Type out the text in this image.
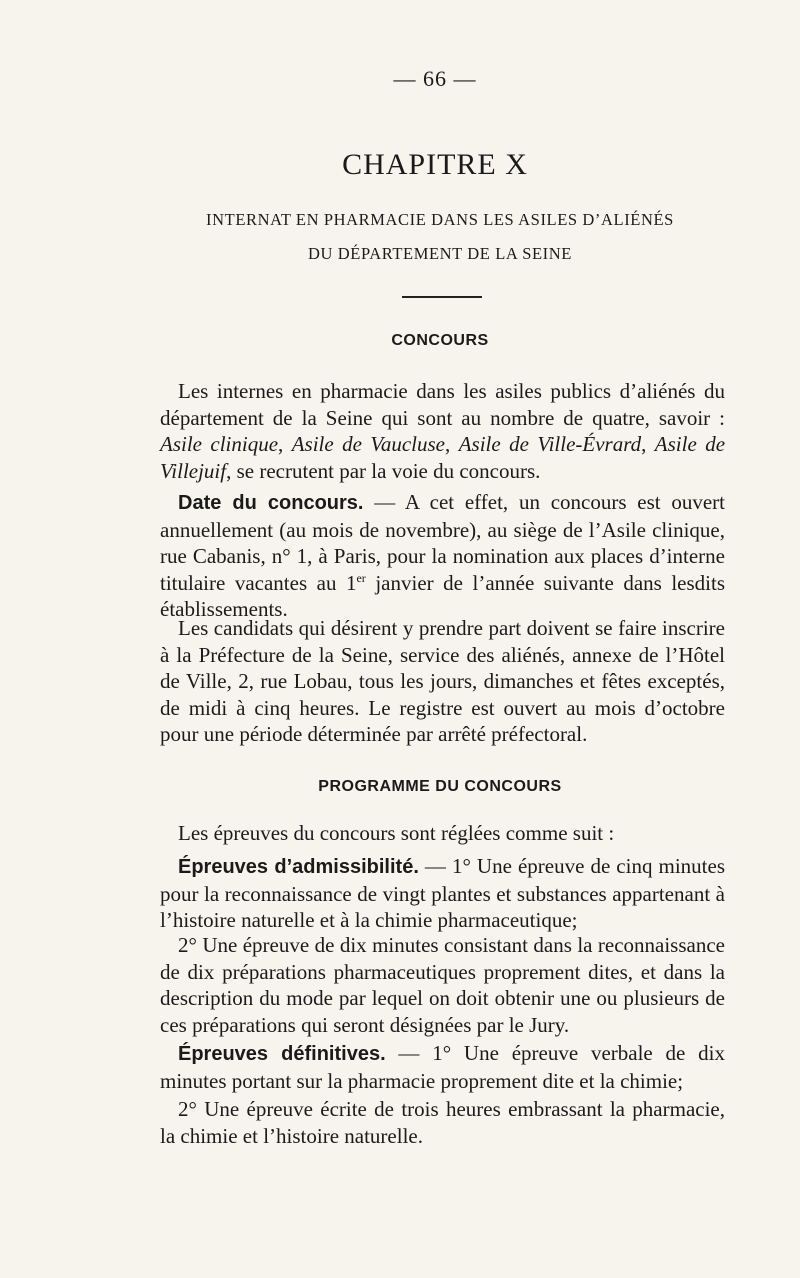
— 66 —
CHAPITRE X
INTERNAT EN PHARMACIE DANS LES ASILES D’ALIÉNÉS
DU DÉPARTEMENT DE LA SEINE
CONCOURS

Les internes en pharmacie dans les asiles publics d’aliénés du département de la Seine qui sont au nombre de quatre, savoir : Asile clinique, Asile de Vaucluse, Asile de Ville-Évrard, Asile de Villejuif, se recrutent par la voie du concours.

Date du concours. — A cet effet, un concours est ouvert annuellement (au mois de novembre), au siège de l’Asile clinique, rue Cabanis, n° 1, à Paris, pour la nomination aux places d’interne titulaire vacantes au 1er janvier de l’année suivante dans lesdits établissements.

Les candidats qui désirent y prendre part doivent se faire inscrire à la Préfecture de la Seine, service des aliénés, annexe de l’Hôtel de Ville, 2, rue Lobau, tous les jours, dimanches et fêtes exceptés, de midi à cinq heures. Le registre est ouvert au mois d’octobre pour une période déterminée par arrêté préfectoral.

PROGRAMME DU CONCOURS

Les épreuves du concours sont réglées comme suit :

Épreuves d’admissibilité. — 1° Une épreuve de cinq minutes pour la reconnaissance de vingt plantes et substances appartenant à l’histoire naturelle et à la chimie pharmaceutique;

2° Une épreuve de dix minutes consistant dans la reconnaissance de dix préparations pharmaceutiques proprement dites, et dans la description du mode par lequel on doit obtenir une ou plusieurs de ces préparations qui seront désignées par le Jury.

Épreuves définitives. — 1° Une épreuve verbale de dix minutes portant sur la pharmacie proprement dite et la chimie;

2° Une épreuve écrite de trois heures embrassant la pharmacie, la chimie et l’histoire naturelle.
